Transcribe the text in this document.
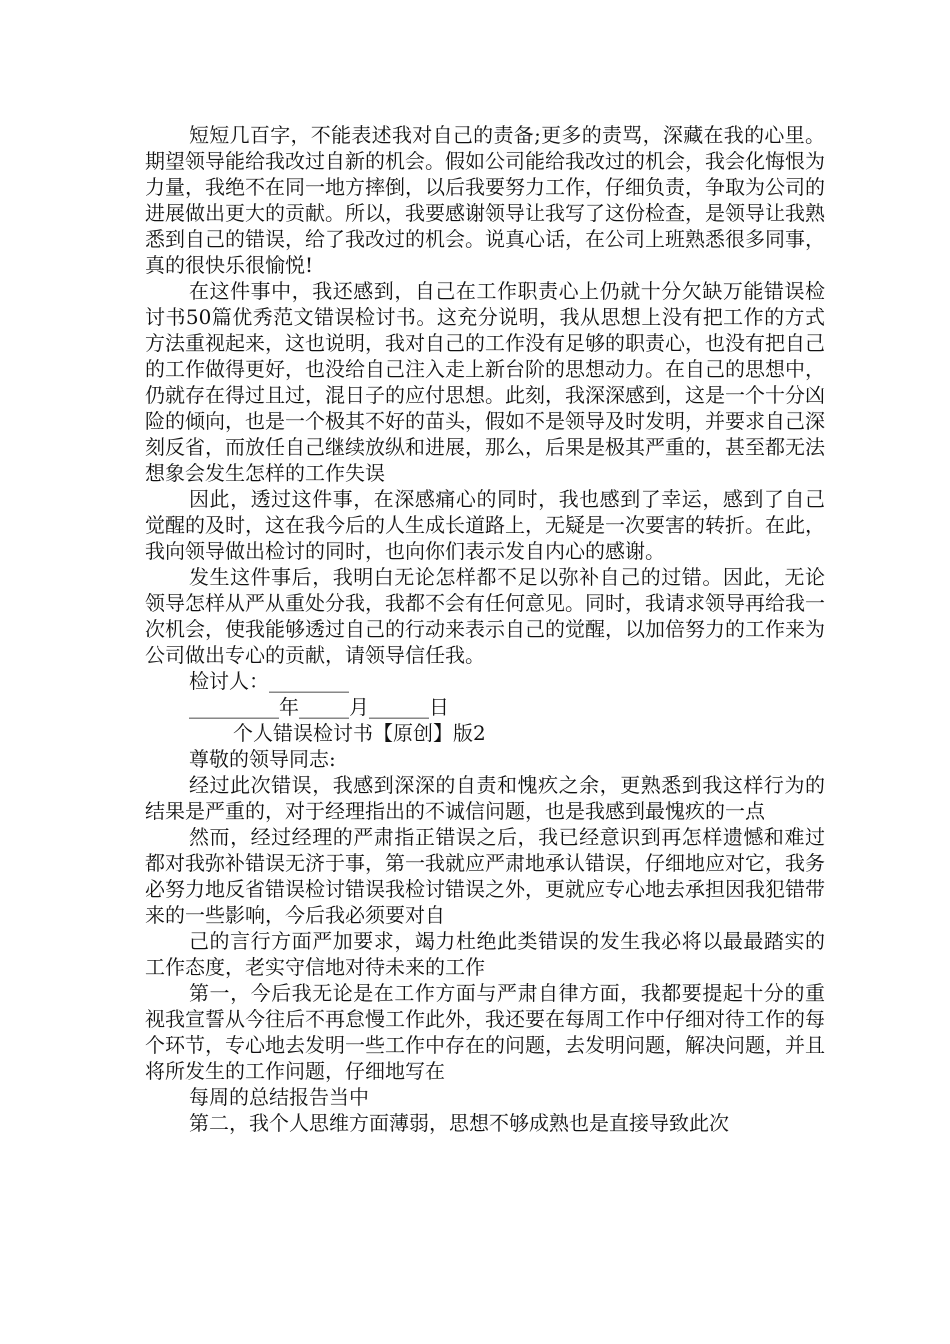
短短几百字，不能表述我对自己的责备;更多的责骂，深藏在我的心里。期望领导能给我改过自新的机会。假如公司能给我改过的机会，我会化悔恨为力量，我绝不在同一地方摔倒，以后我要努力工作，仔细负责，争取为公司的进展做出更大的贡献。所以，我要感谢领导让我写了这份检查，是领导让我熟悉到自己的错误，给了我改过的机会。说真心话，在公司上班熟悉很多同事，真的很快乐很愉悦!

在这件事中，我还感到，自己在工作职责心上仍就十分欠缺万能错误检讨书50篇优秀范文错误检讨书。这充分说明，我从思想上没有把工作的方式方法重视起来，这也说明，我对自己的工作没有足够的职责心，也没有把自己的工作做得更好，也没给自己注入走上新台阶的思想动力。在自己的思想中，仍就存在得过且过，混日子的应付思想。此刻，我深深感到，这是一个十分凶险的倾向，也是一个极其不好的苗头，假如不是领导及时发明，并要求自己深刻反省，而放任自己继续放纵和进展，那么，后果是极其严重的，甚至都无法想象会发生怎样的工作失误

因此，透过这件事，在深感痛心的同时，我也感到了幸运，感到了自己觉醒的及时，这在我今后的人生成长道路上，无疑是一次要害的转折。在此，我向领导做出检讨的同时，也向你们表示发自内心的感谢。

发生这件事后，我明白无论怎样都不足以弥补自己的过错。因此，无论领导怎样从严从重处分我，我都不会有任何意见。同时，我请求领导再给我一次机会，使我能够透过自己的行动来表示自己的觉醒，以加倍努力的工作来为公司做出专心的贡献，请领导信任我。

检讨人：________

_________年_____月______日

个人错误检讨书【原创】版2

尊敬的领导同志:

经过此次错误，我感到深深的自责和愧疚之余，更熟悉到我这样行为的结果是严重的，对于经理指出的不诚信问题，也是我感到最愧疚的一点

然而，经过经理的严肃指正错误之后，我已经意识到再怎样遗憾和难过都对我弥补错误无济于事，第一我就应严肃地承认错误，仔细地应对它，我务必努力地反省错误检讨错误我检讨错误之外，更就应专心地去承担因我犯错带来的一些影响，今后我必须要对自

己的言行方面严加要求，竭力杜绝此类错误的发生我必将以最最踏实的工作态度，老实守信地对待未来的工作

第一，今后我无论是在工作方面与严肃自律方面，我都要提起十分的重视我宣誓从今往后不再怠慢工作此外，我还要在每周工作中仔细对待工作的每个环节，专心地去发明一些工作中存在的问题，去发明问题，解决问题，并且将所发生的工作问题，仔细地写在

每周的总结报告当中

第二，我个人思维方面薄弱，思想不够成熟也是直接导致此次
